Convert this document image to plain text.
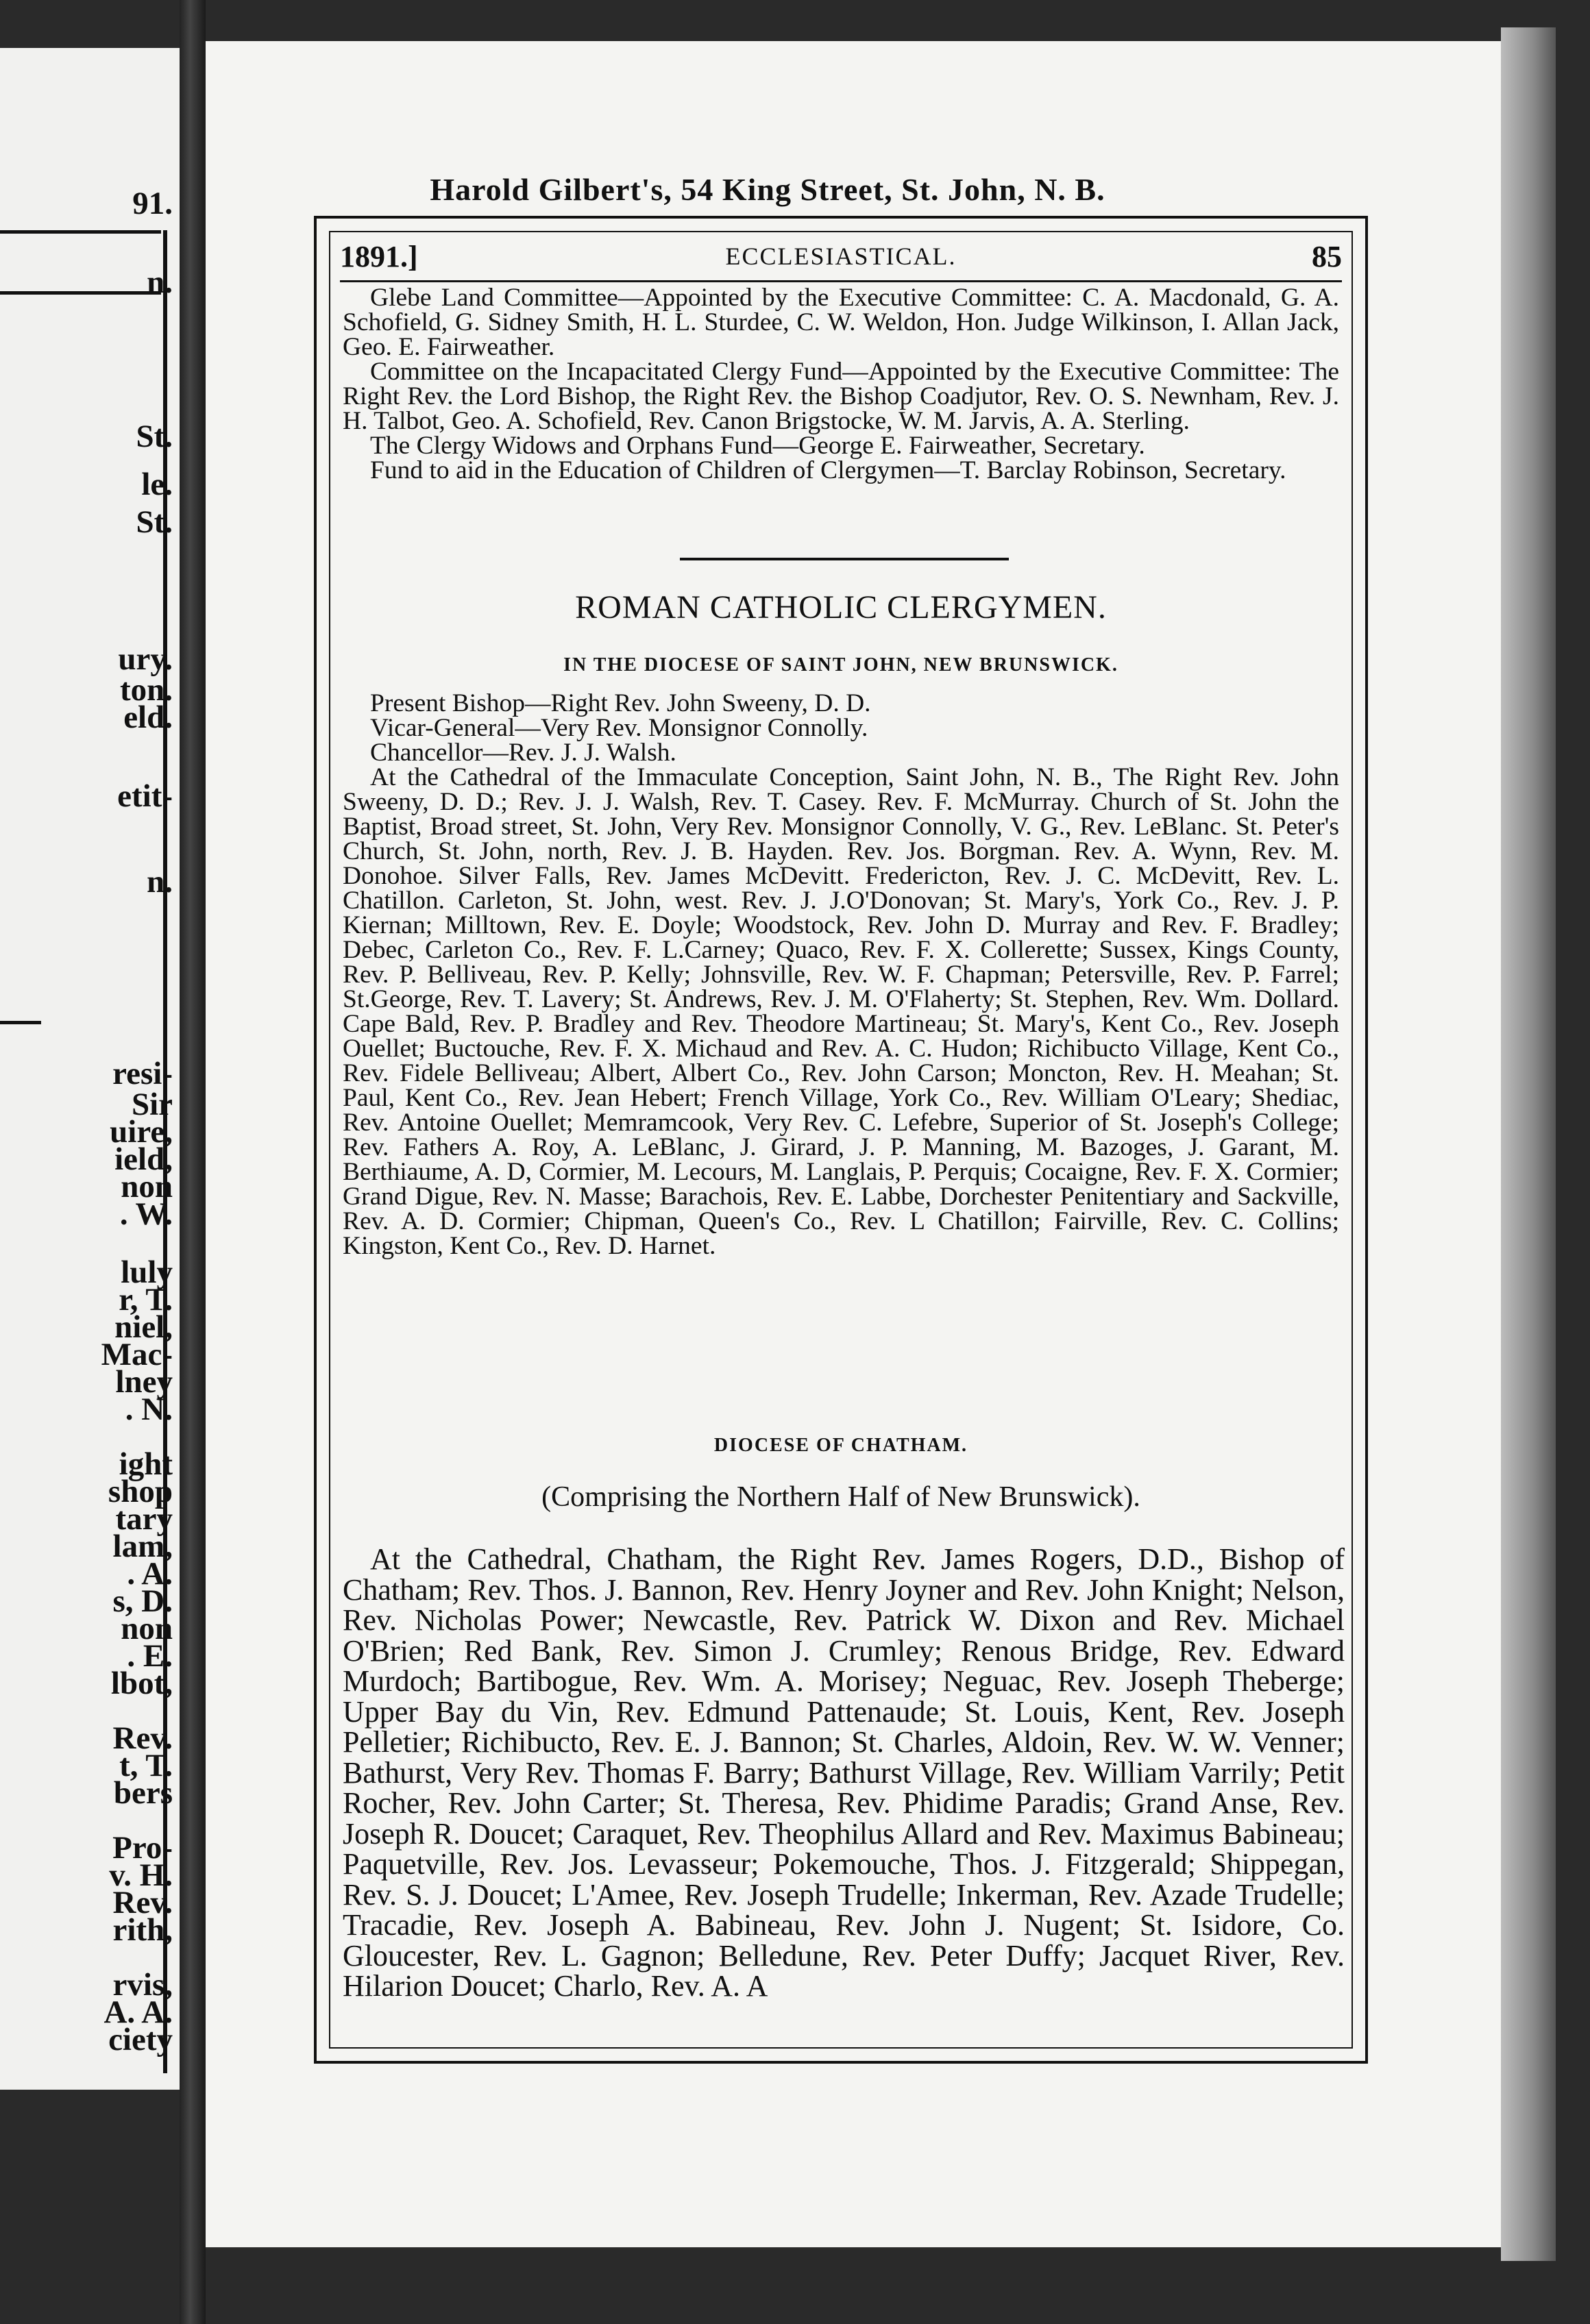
91.
n.
St.
le.
St.
ury.
ton.
eld.
etit-
n.
resi-
Sir
uire,
ield,
non
. W.
luly
r, T.
niel,
Mac-
lney
. N.
ight
shop
tary
lam,
. A.
s, D.
non
. E.
lbot,
Rev.
t, T.
bers
Pro-
v. H.
Rev.
rith,
rvis,
A. A.
ciety
Harold Gilbert's, 54 King Street, St. John, N. B.
1891.]	ECCLESIASTICAL.	85

Glebe Land Committee—Appointed by the Executive Committee: C. A. Macdonald, G. A. Schofield, G. Sidney Smith, H. L. Sturdee, C. W. Weldon, Hon. Judge Wilkinson, I. Allan Jack, Geo. E. Fairweather.

Committee on the Incapacitated Clergy Fund—Appointed by the Executive Committee: The Right Rev. the Lord Bishop, the Right Rev. the Bishop Coadjutor, Rev. O. S. Newnham, Rev. J. H. Talbot, Geo. A. Schofield, Rev. Canon Brigstocke, W. M. Jarvis, A. A. Sterling.

The Clergy Widows and Orphans Fund—George E. Fairweather, Secretary.

Fund to aid in the Education of Children of Clergymen—T. Barclay Robinson, Secretary.

ROMAN CATHOLIC CLERGYMEN.
IN THE DIOCESE OF SAINT JOHN, NEW BRUNSWICK.

Present Bishop—Right Rev. John Sweeny, D. D.

Vicar-General—Very Rev. Monsignor Connolly.

Chancellor—Rev. J. J. Walsh.

At the Cathedral of the Immaculate Conception, Saint John, N. B., The Right Rev. John Sweeny, D. D.; Rev. J. J. Walsh, Rev. T. Casey. Rev. F. McMurray. Church of St. John the Baptist, Broad street, St. John, Very Rev. Monsignor Connolly, V. G., Rev. LeBlanc. St. Peter's Church, St. John, north, Rev. J. B. Hayden. Rev. Jos. Borgman. Rev. A. Wynn, Rev. M. Donohoe. Silver Falls, Rev. James McDevitt. Fredericton, Rev. J. C. McDevitt, Rev. L. Chatillon. Carleton, St. John, west. Rev. J. J.O'Donovan; St. Mary's, York Co., Rev. J. P. Kiernan; Milltown, Rev. E. Doyle; Woodstock, Rev. John D. Murray and Rev. F. Bradley; Debec, Carleton Co., Rev. F. L.Carney; Quaco, Rev. F. X. Collerette; Sussex, Kings County, Rev. P. Belliveau, Rev. P. Kelly; Johnsville, Rev. W. F. Chapman; Petersville, Rev. P. Farrel; St.George, Rev. T. Lavery; St. Andrews, Rev. J. M. O'Flaherty; St. Stephen, Rev. Wm. Dollard. Cape Bald, Rev. P. Bradley and Rev. Theodore Martineau; St. Mary's, Kent Co., Rev. Joseph Ouellet; Buctouche, Rev. F. X. Michaud and Rev. A. C. Hudon; Richibucto Village, Kent Co., Rev. Fidele Belliveau; Albert, Albert Co., Rev. John Carson; Moncton, Rev. H. Meahan; St. Paul, Kent Co., Rev. Jean Hebert; French Village, York Co., Rev. William O'Leary; Shediac, Rev. Antoine Ouellet; Memramcook, Very Rev. C. Lefebre, Superior of St. Joseph's College; Rev. Fathers A. Roy, A. LeBlanc, J. Girard, J. P. Manning, M. Bazoges, J. Garant, M. Berthiaume, A. D, Cormier, M. Lecours, M. Langlais, P. Perquis; Cocaigne, Rev. F. X. Cormier; Grand Digue, Rev. N. Masse; Barachois, Rev. E. Labbe, Dorchester Penitentiary and Sackville, Rev. A. D. Cormier; Chipman, Queen's Co., Rev. L Chatillon; Fairville, Rev. C. Collins; Kingston, Kent Co., Rev. D. Harnet.

DIOCESE OF CHATHAM.
(Comprising the Northern Half of New Brunswick).

At the Cathedral, Chatham, the Right Rev. James Rogers, D.D., Bishop of Chatham; Rev. Thos. J. Bannon, Rev. Henry Joyner and Rev. John Knight; Nelson, Rev. Nicholas Power; Newcastle, Rev. Patrick W. Dixon and Rev. Michael O'Brien; Red Bank, Rev. Simon J. Crumley; Renous Bridge, Rev. Edward Murdoch; Bartibogue, Rev. Wm. A. Morisey; Neguac, Rev. Joseph Theberge; Upper Bay du Vin, Rev. Edmund Pattenaude; St. Louis, Kent, Rev. Joseph Pelletier; Richibucto, Rev. E. J. Bannon; St. Charles, Aldoin, Rev. W. W. Venner; Bathurst, Very Rev. Thomas F. Barry; Bathurst Village, Rev. William Varrily; Petit Rocher, Rev. John Carter; St. Theresa, Rev. Phidime Paradis; Grand Anse, Rev. Joseph R. Doucet; Caraquet, Rev. Theophilus Allard and Rev. Maximus Babineau; Paquetville, Rev. Jos. Levasseur; Pokemouche, Thos. J. Fitzgerald; Shippegan, Rev. S. J. Doucet; L'Amee, Rev. Joseph Trudelle; Inkerman, Rev. Azade Trudelle; Tracadie, Rev. Joseph A. Babineau, Rev. John J. Nugent; St. Isidore, Co. Gloucester, Rev. L. Gagnon; Belledune, Rev. Peter Duffy; Jacquet River, Rev. Hilarion Doucet; Charlo, Rev. A. A
